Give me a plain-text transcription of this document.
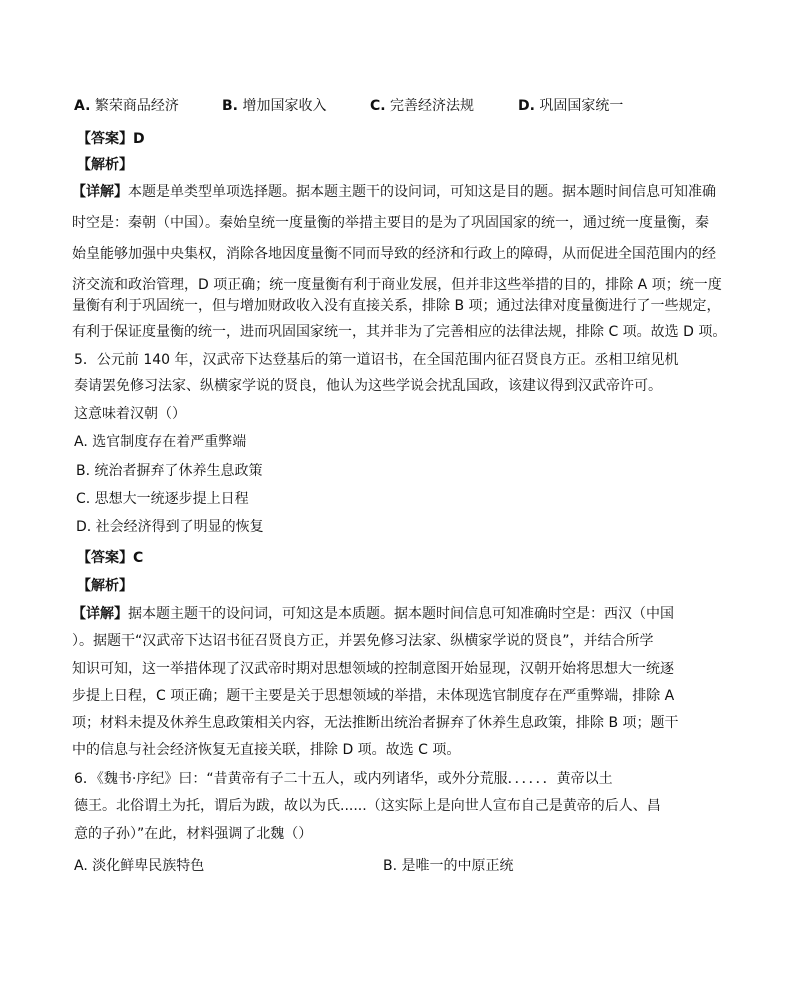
A. 繁荣商品经济	B. 增加国家收入	C. 完善经济法规	D. 巩固国家统一
【答案】D
【解析】
【详解】本题是单类型单项选择题。据本题主题干的设问词，可知这是目的题。据本题时间信息可知准确
时空是：秦朝（中国）。秦始皇统一度量衡的举措主要目的是为了巩固国家的统一，通过统一度量衡，秦
始皇能够加强中央集权，消除各地因度量衡不同而导致的经济和行政上的障碍，从而促进全国范围内的经
济交流和政治管理，D 项正确；统一度量衡有利于商业发展，但并非这些举措的目的，排除 A 项；统一度
量衡有利于巩固统一，但与增加财政收入没有直接关系，排除 B 项；通过法律对度量衡进行了一些规定，
有利于保证度量衡的统一，进而巩固国家统一，其并非为了完善相应的法律法规，排除 C 项。故选 D 项。
5．公元前 140 年，汉武帝下达登基后的第一道诏书，在全国范围内征召贤良方正。丞相卫绾见机
奏请罢免修习法家、纵横家学说的贤良，他认为这些学说会扰乱国政，该建议得到汉武帝许可。
这意味着汉朝（）
A. 选官制度存在着严重弊端
B. 统治者摒弃了休养生息政策
C. 思想大一统逐步提上日程
D. 社会经济得到了明显的恢复
【答案】C
【解析】
【详解】据本题主题干的设问词，可知这是本质题。据本题时间信息可知准确时空是：西汉（中国
）。据题干“汉武帝下达诏书征召贤良方正，并罢免修习法家、纵横家学说的贤良”，并结合所学
知识可知，这一举措体现了汉武帝时期对思想领域的控制意图开始显现，汉朝开始将思想大一统逐
步提上日程，C 项正确；题干主要是关于思想领域的举措，未体现选官制度存在严重弊端，排除 A
项；材料未提及休养生息政策相关内容，无法推断出统治者摒弃了休养生息政策，排除 B 项；题干
中的信息与社会经济恢复无直接关联，排除 D 项。故选 C 项。
6．《魏书·序纪》曰：“昔黄帝有子二十五人，或内列诸华，或外分荒服．．．．．．黄帝以土
德王。北俗谓土为托，谓后为跋，故以为氏......（这实际上是向世人宣布自己是黄帝的后人、昌
意的子孙）”在此，材料强调了北魏（）
A. 淡化鲜卑民族特色	B. 是唯一的中原正统
